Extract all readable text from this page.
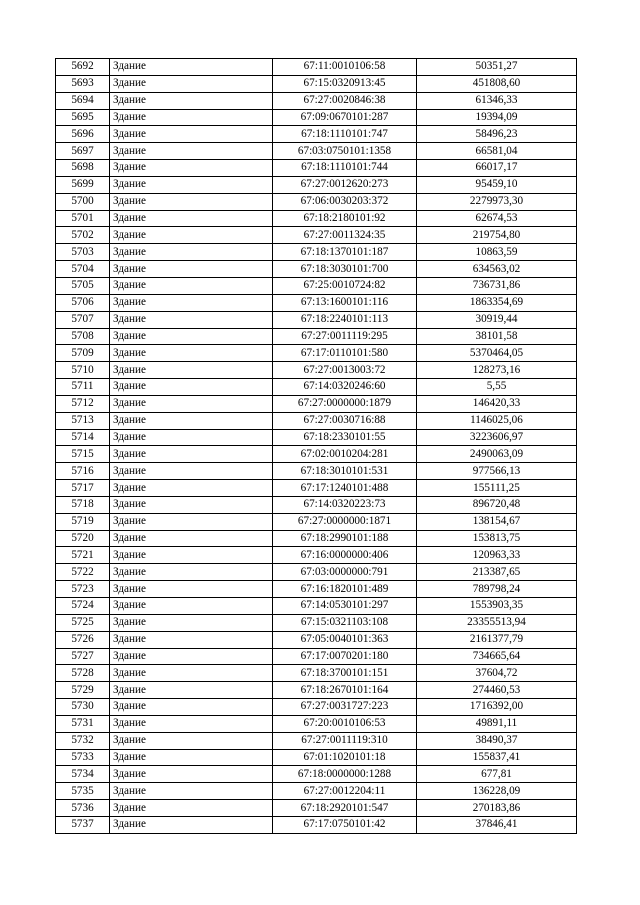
5692	Здание	67:11:0010106:58	50351,27
5693	Здание	67:15:0320913:45	451808,60
5694	Здание	67:27:0020846:38	61346,33
5695	Здание	67:09:0670101:287	19394,09
5696	Здание	67:18:1110101:747	58496,23
5697	Здание	67:03:0750101:1358	66581,04
5698	Здание	67:18:1110101:744	66017,17
5699	Здание	67:27:0012620:273	95459,10
5700	Здание	67:06:0030203:372	2279973,30
5701	Здание	67:18:2180101:92	62674,53
5702	Здание	67:27:0011324:35	219754,80
5703	Здание	67:18:1370101:187	10863,59
5704	Здание	67:18:3030101:700	634563,02
5705	Здание	67:25:0010724:82	736731,86
5706	Здание	67:13:1600101:116	1863354,69
5707	Здание	67:18:2240101:113	30919,44
5708	Здание	67:27:0011119:295	38101,58
5709	Здание	67:17:0110101:580	5370464,05
5710	Здание	67:27:0013003:72	128273,16
5711	Здание	67:14:0320246:60	5,55
5712	Здание	67:27:0000000:1879	146420,33
5713	Здание	67:27:0030716:88	1146025,06
5714	Здание	67:18:2330101:55	3223606,97
5715	Здание	67:02:0010204:281	2490063,09
5716	Здание	67:18:3010101:531	977566,13
5717	Здание	67:17:1240101:488	155111,25
5718	Здание	67:14:0320223:73	896720,48
5719	Здание	67:27:0000000:1871	138154,67
5720	Здание	67:18:2990101:188	153813,75
5721	Здание	67:16:0000000:406	120963,33
5722	Здание	67:03:0000000:791	213387,65
5723	Здание	67:16:1820101:489	789798,24
5724	Здание	67:14:0530101:297	1553903,35
5725	Здание	67:15:0321103:108	23355513,94
5726	Здание	67:05:0040101:363	2161377,79
5727	Здание	67:17:0070201:180	734665,64
5728	Здание	67:18:3700101:151	37604,72
5729	Здание	67:18:2670101:164	274460,53
5730	Здание	67:27:0031727:223	1716392,00
5731	Здание	67:20:0010106:53	49891,11
5732	Здание	67:27:0011119:310	38490,37
5733	Здание	67:01:1020101:18	155837,41
5734	Здание	67:18:0000000:1288	677,81
5735	Здание	67:27:0012204:11	136228,09
5736	Здание	67:18:2920101:547	270183,86
5737	Здание	67:17:0750101:42	37846,41
